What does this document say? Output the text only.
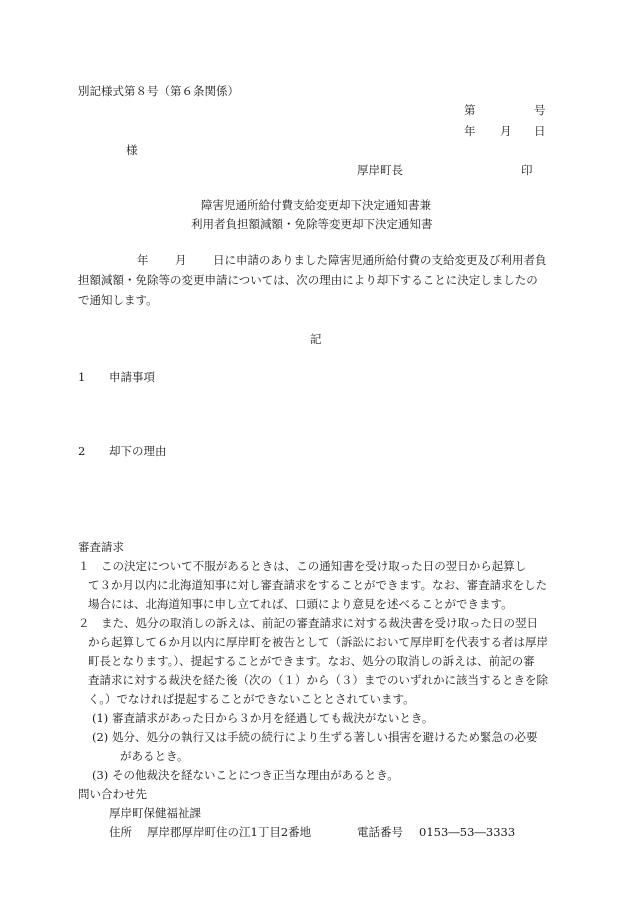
別記様式第８号（第６条関係）
第	号
年 月 日
様
厚岸町長	印
障害児通所給付費支給変更却下決定通知書兼
利用者負担額減額・免除等変更却下決定通知書
年 月 日に申請のありました障害児通所給付費の支給変更及び利用者負
担額減額・免除等の変更申請については、次の理由により却下することに決定しましたの
で通知します。
記
1 申請事項
2 却下の理由
審査請求
１　この決定について不服があるときは、この通知書を受け取った日の翌日から起算し
て３か月以内に北海道知事に対し審査請求をすることができます。なお、審査請求をした
場合には、北海道知事に申し立てれば、口頭により意見を述べることができます。
２　また、処分の取消しの訴えは、前記の審査請求に対する裁決書を受け取った日の翌日
から起算して６か月以内に厚岸町を被告として（訴訟において厚岸町を代表する者は厚岸
町長となります。）、提起することができます。なお、処分の取消しの訴えは、前記の審
査請求に対する裁決を経た後（次の（１）から（３）までのいずれかに該当するときを除
く。）でなければ提起することができないこととされています。
(1) 審査請求があった日から３か月を経過しても裁決がないとき。
(2) 処分、処分の執行又は手続の続行により生ずる著しい損害を避けるため緊急の必要
があるとき。
(3) その他裁決を経ないことにつき正当な理由があるとき。
問い合わせ先
厚岸町保健福祉課
住所 厚岸郡厚岸町住の江1丁目2番地	電話番号 0153―53―3333
